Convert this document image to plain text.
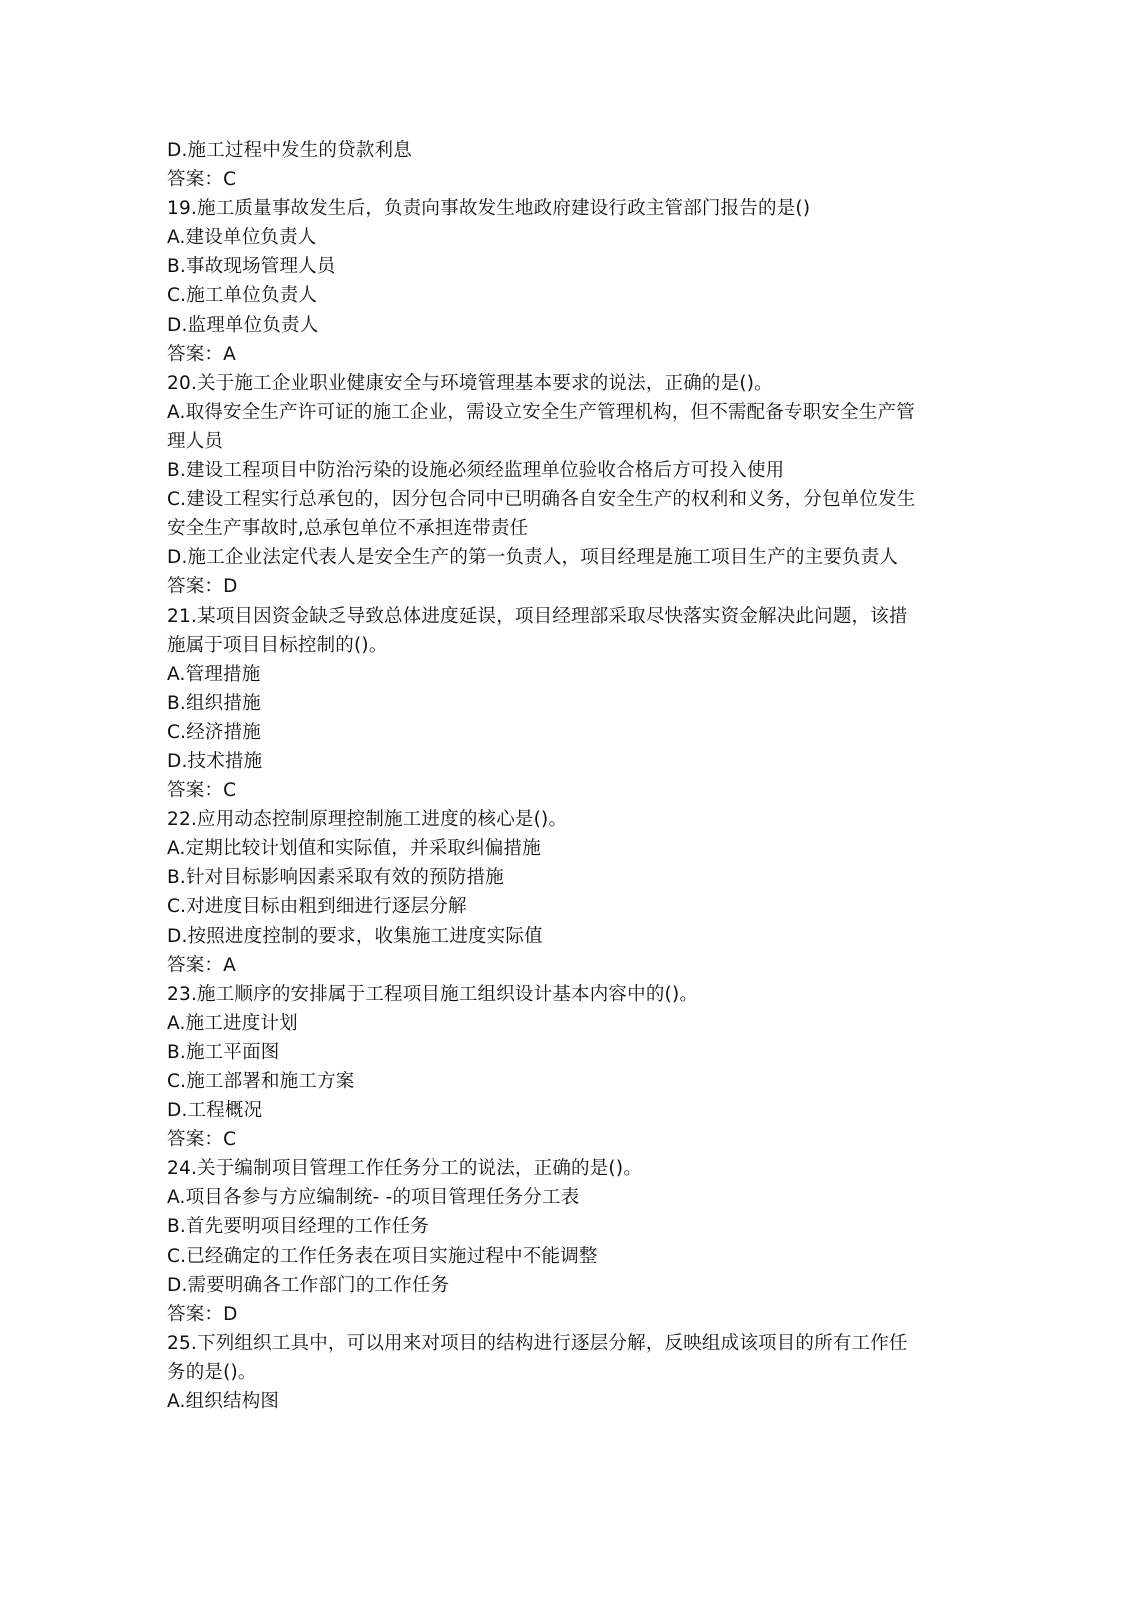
D.施工过程中发生的贷款利息
答案：C
19.施工质量事故发生后，负责向事故发生地政府建设行政主管部门报告的是()
A.建设单位负责人
B.事故现场管理人员
C.施工单位负责人
D.监理单位负责人
答案：A
20.关于施工企业职业健康安全与环境管理基本要求的说法，正确的是()。
A.取得安全生产许可证的施工企业，需设立安全生产管理机构，但不需配备专职安全生产管
理人员
B.建设工程项目中防治污染的设施必须经监理单位验收合格后方可投入使用
C.建设工程实行总承包的，因分包合同中已明确各自安全生产的权利和义务，分包单位发生
安全生产事故时,总承包单位不承担连带责任
D.施工企业法定代表人是安全生产的第一负责人，项目经理是施工项目生产的主要负责人
答案：D
21.某项目因资金缺乏导致总体进度延误，项目经理部采取尽快落实资金解决此问题，该措
施属于项目目标控制的()。
A.管理措施
B.组织措施
C.经济措施
D.技术措施
答案：C
22.应用动态控制原理控制施工进度的核心是()。
A.定期比较计划值和实际值，并采取纠偏措施
B.针对目标影响因素采取有效的预防措施
C.对进度目标由粗到细进行逐层分解
D.按照进度控制的要求，收集施工进度实际值
答案：A
23.施工顺序的安排属于工程项目施工组织设计基本内容中的()。
A.施工进度计划
B.施工平面图
C.施工部署和施工方案
D.工程概况
答案：C
24.关于编制项目管理工作任务分工的说法，正确的是()。
A.项目各参与方应编制统- -的项目管理任务分工表
B.首先要明项目经理的工作任务
C.已经确定的工作任务表在项目实施过程中不能调整
D.需要明确各工作部门的工作任务
答案：D
25.下列组织工具中，可以用来对项目的结构进行逐层分解，反映组成该项目的所有工作任
务的是()。
A.组织结构图
